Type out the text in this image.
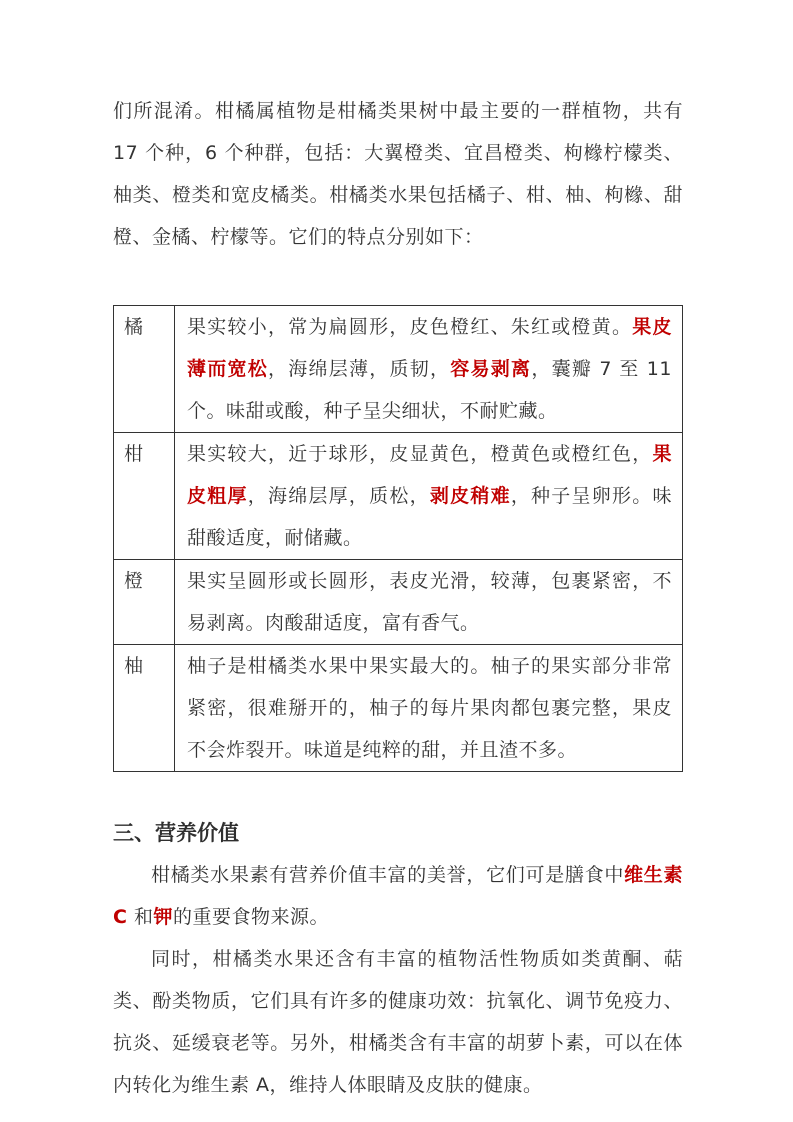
们所混淆。柑橘属植物是柑橘类果树中最主要的一群植物，共有 17 个种，6 个种群，包括：大翼橙类、宜昌橙类、枸橼柠檬类、柚类、橙类和宽皮橘类。柑橘类水果包括橘子、柑、柚、枸橼、甜橙、金橘、柠檬等。它们的特点分别如下：

橘	果实较小，常为扁圆形，皮色橙红、朱红或橙黄。果皮薄而宽松，海绵层薄，质韧，容易剥离，囊瓣 7 至 11 个。味甜或酸，种子呈尖细状，不耐贮藏。
柑	果实较大，近于球形，皮显黄色，橙黄色或橙红色，果皮粗厚，海绵层厚，质松，剥皮稍难，种子呈卵形。味甜酸适度，耐储藏。
橙	果实呈圆形或长圆形，表皮光滑，较薄，包裹紧密，不易剥离。肉酸甜适度，富有香气。
柚	柚子是柑橘类水果中果实最大的。柚子的果实部分非常紧密，很难掰开的，柚子的每片果肉都包裹完整，果皮不会炸裂开。味道是纯粹的甜，并且渣不多。
三、营养价值

柑橘类水果素有营养价值丰富的美誉，它们可是膳食中维生素 C 和钾的重要食物来源。

同时，柑橘类水果还含有丰富的植物活性物质如类黄酮、萜类、酚类物质，它们具有许多的健康功效：抗氧化、调节免疫力、抗炎、延缓衰老等。另外，柑橘类含有丰富的胡萝卜素，可以在体内转化为维生素 A，维持人体眼睛及皮肤的健康。
